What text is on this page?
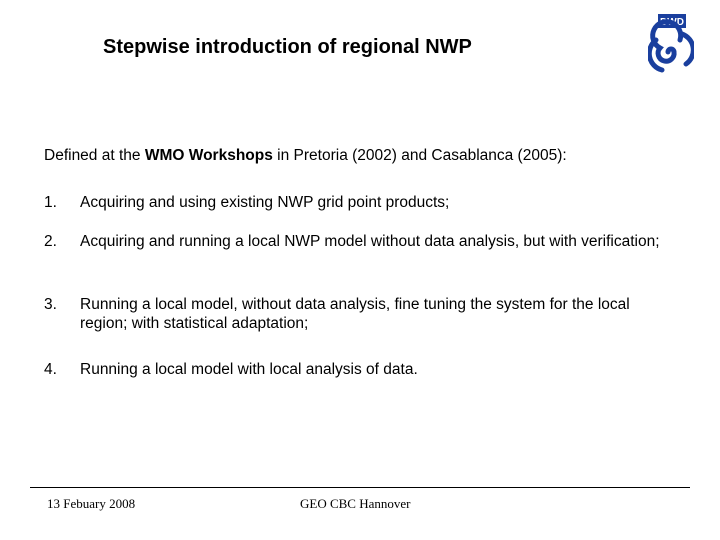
Stepwise introduction of regional NWP
DWD
Defined at the WMO Workshops in Pretoria (2002) and Casablanca (2005):
1. Acquiring and using existing NWP grid point products;
2. Acquiring and running a local NWP model without data analysis, but with verification;
3. Running a local model, without data analysis, fine tuning the system for the local region; with statistical adaptation;
4. Running a local model with local analysis of data.
13 Febuary 2008	GEO CBC Hannover
